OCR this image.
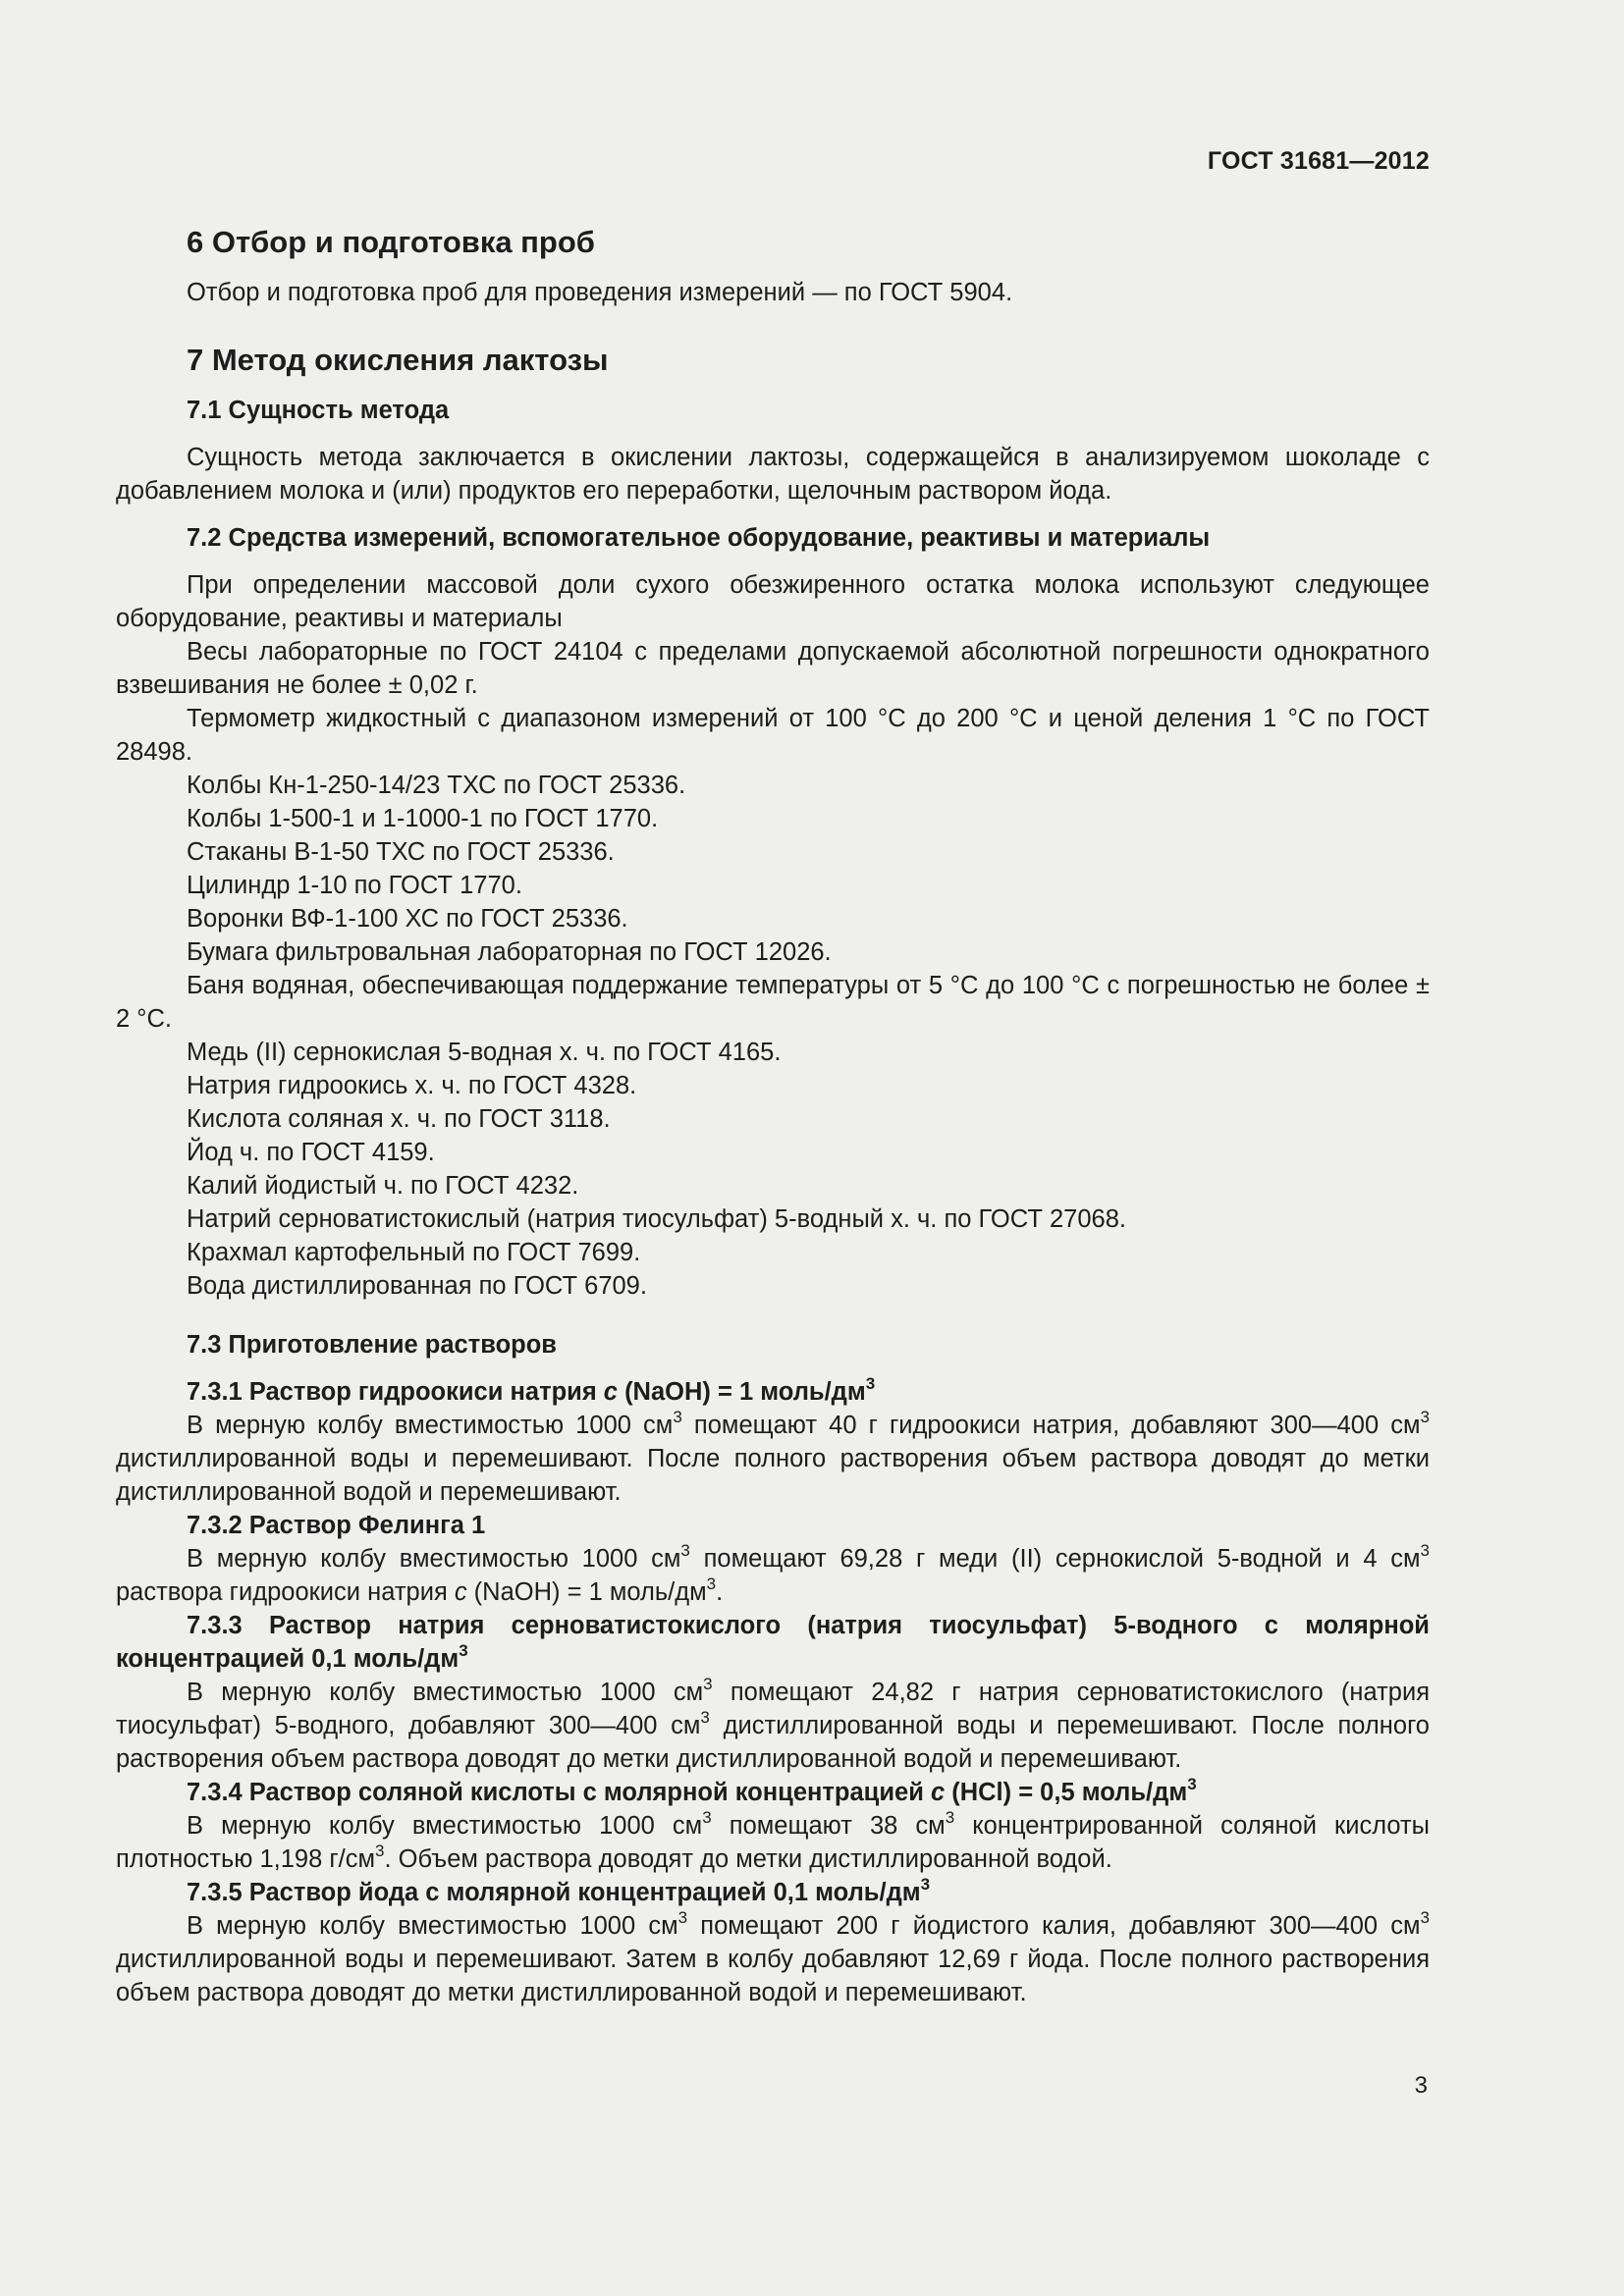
ГОСТ 31681—2012
6 Отбор и подготовка проб

Отбор и подготовка проб для проведения измерений — по ГОСТ 5904.

7 Метод окисления лактозы
7.1 Сущность метода

Сущность метода заключается в окислении лактозы, содержащейся в анализируемом шоколаде с добавлением молока и (или) продуктов его переработки, щелочным раствором йода.

7.2 Средства измерений, вспомогательное оборудование, реактивы и материалы

При определении массовой доли сухого обезжиренного остатка молока используют следующее оборудование, реактивы и материалы

Весы лабораторные по ГОСТ 24104 с пределами допускаемой абсолютной погрешности однократного взвешивания не более ± 0,02 г.

Термометр жидкостный с диапазоном измерений от 100 °С до 200 °С и ценой деления 1 °С по ГОСТ 28498.

Колбы Кн-1-250-14/23 ТХС по ГОСТ 25336.

Колбы 1-500-1 и 1-1000-1 по ГОСТ 1770.

Стаканы В-1-50 ТХС по ГОСТ 25336.

Цилиндр 1-10 по ГОСТ 1770.

Воронки ВФ-1-100 ХС по ГОСТ 25336.

Бумага фильтровальная лабораторная по ГОСТ 12026.

Баня водяная, обеспечивающая поддержание температуры от 5 °С до 100 °С с погрешностью не более ± 2 °С.

Медь (II) сернокислая 5-водная х. ч. по ГОСТ 4165.

Натрия гидроокись х. ч. по ГОСТ 4328.

Кислота соляная х. ч. по ГОСТ 3118.

Йод ч. по ГОСТ 4159.

Калий йодистый ч. по ГОСТ 4232.

Натрий серноватистокислый (натрия тиосульфат) 5-водный х. ч. по ГОСТ 27068.

Крахмал картофельный по ГОСТ 7699.

Вода дистиллированная по ГОСТ 6709.

7.3 Приготовление растворов

7.3.1 Раствор гидроокиси натрия с (NaOH) = 1 моль/$дм^3$

В мерную колбу вместимостью 1000 $см^3$ помещают 40 г гидроокиси натрия, добавляют 300—400 $см^3$ дистиллированной воды и перемешивают. После полного растворения объем раствора доводят до метки дистиллированной водой и перемешивают.

7.3.2 Раствор Фелинга 1

В мерную колбу вместимостью 1000 $см^3$ помещают 69,28 г меди (II) сернокислой 5-водной и 4 $см^3$ раствора гидроокиси натрия с (NaOH) = 1 моль/$дм^3$.

7.3.3 Раствор натрия серноватистокислого (натрия тиосульфат) 5-водного с молярной концентрацией 0,1 моль/$дм^3$

В мерную колбу вместимостью 1000 $см^3$ помещают 24,82 г натрия серноватистокислого (натрия тиосульфат) 5-водного, добавляют 300—400 $см^3$ дистиллированной воды и перемешивают. После полного растворения объем раствора доводят до метки дистиллированной водой и перемешивают.

7.3.4 Раствор соляной кислоты с молярной концентрацией с (HCl) = 0,5 моль/$дм^3$

В мерную колбу вместимостью 1000 $см^3$ помещают 38 $см^3$ концентрированной соляной кислоты плотностью 1,198 $г/см^3$. Объем раствора доводят до метки дистиллированной водой.

7.3.5 Раствор йода с молярной концентрацией 0,1 моль/$дм^3$

В мерную колбу вместимостью 1000 $см^3$ помещают 200 г йодистого калия, добавляют 300—400 $см^3$ дистиллированной воды и перемешивают. Затем в колбу добавляют 12,69 г йода. После полного растворения объем раствора доводят до метки дистиллированной водой и перемешивают.

3
